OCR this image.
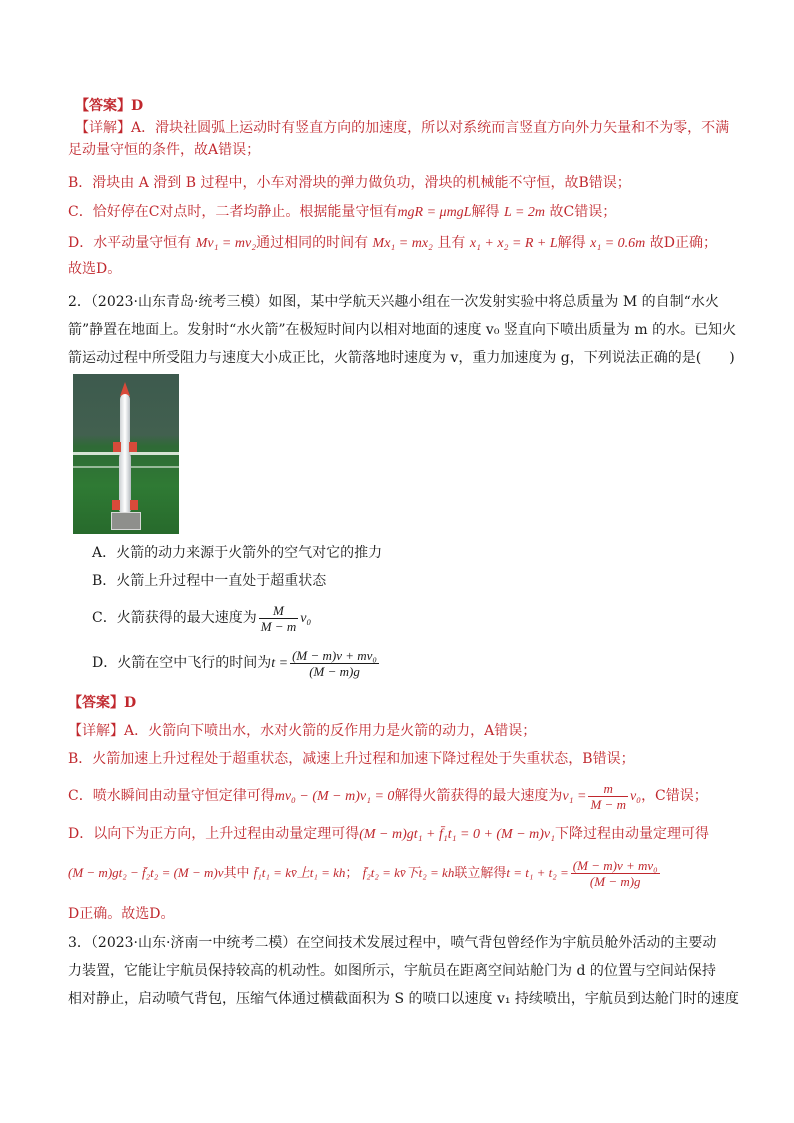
【答案】D
【详解】A．滑块社圆弧上运动时有竖直方向的加速度，所以对系统而言竖直方向外力矢量和不为零，不满
足动量守恒的条件，故A错误；
B．滑块由 A 滑到 B 过程中，小车对滑块的弹力做负功，滑块的机械能不守恒，故B错误；
C．恰好停在C对点时，二者均静止。根据能量守恒有mgR = μmgL解得 L = 2m 故C错误；
D．水平动量守恒有 Mv₁ = mv₂通过相同的时间有 Mx₁ = mx₂ 且有 x₁ + x₂ = R + L解得 x₁ = 0.6m 故D正确；
故选D。
2．（2023·山东青岛·统考三模）如图，某中学航天兴趣小组在一次发射实验中将总质量为 M 的自制“水火
箭”静置在地面上。发射时“水火箭”在极短时间内以相对地面的速度 v₀ 竖直向下喷出质量为 m 的水。已知火
箭运动过程中所受阻力与速度大小成正比，火箭落地时速度为 v，重力加速度为 g，下列说法正确的是(　　)
A．火箭的动力来源于火箭外的空气对它的推力
B．火箭上升过程中一直处于超重状态
C．火箭获得的最大速度为 $\frac{M}{M - m} v_0$
D．火箭在空中飞行的时间为$t = \frac{\text{(M − m)v + mv₀}}{(M - m)g}$
【答案】D
【详解】A．火箭向下喷出水，水对火箭的反作用力是火箭的动力，A错误；
B．火箭加速上升过程处于超重状态，减速上升过程和加速下降过程处于失重状态，B错误；
C．喷水瞬间由动量守恒定律可得mv₀ − (M − m)v₁ = 0解得火箭获得的最大速度为$v_1 = \frac{m}{M - m} v_0$，C错误；
D．以向下为正方向，上升过程由动量定理可得(M − m)gt₁ + f̄₁t₁ = 0 + (M − m)v₁下降过程由动量定理可得
(M − m)gt₂ − f̄₂t₂ = (M − m)v其中 f̄₁t₁ = kv̄上t₁ = kh； f̄₂t₂ = kv̄下t₂ = kh联立解得$t = t_1 + t_2 = \frac{\text{(M − m)v + mv₀}}{(M - m)g}$
D正确。故选D。
3．（2023·山东·济南一中统考二模）在空间技术发展过程中，喷气背包曾经作为宇航员舱外活动的主要动
力装置，它能让宇航员保持较高的机动性。如图所示，宇航员在距离空间站舱门为 d 的位置与空间站保持
相对静止，启动喷气背包，压缩气体通过横截面积为 S 的喷口以速度 v₁ 持续喷出，宇航员到达舱门时的速度
